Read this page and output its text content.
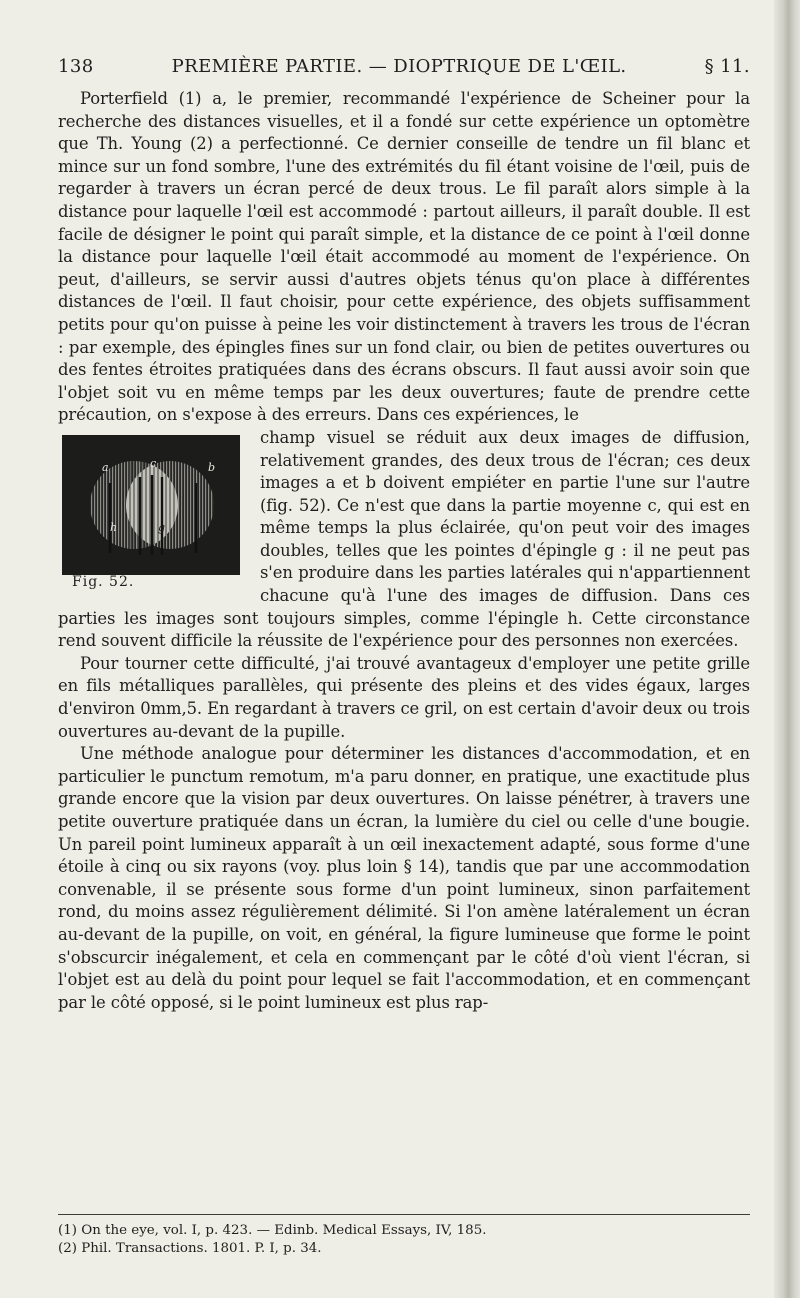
138	PREMIÈRE PARTIE. — DIOPTRIQUE DE L'ŒIL.	§ 11.

Porterfield (1) a, le premier, recommandé l'expérience de Scheiner pour la recherche des distances visuelles, et il a fondé sur cette expérience un optomètre que Th. Young (2) a perfectionné. Ce dernier conseille de tendre un fil blanc et mince sur un fond sombre, l'une des extrémités du fil étant voisine de l'œil, puis de regarder à travers un écran percé de deux trous. Le fil paraît alors simple à la distance pour laquelle l'œil est accommodé : partout ailleurs, il paraît double. Il est facile de désigner le point qui paraît simple, et la distance de ce point à l'œil donne la distance pour laquelle l'œil était accommodé au moment de l'expérience. On peut, d'ailleurs, se servir aussi d'autres objets ténus qu'on place à différentes distances de l'œil. Il faut choisir, pour cette expérience, des objets suffisamment petits pour qu'on puisse à peine les voir distinctement à travers les trous de l'écran : par exemple, des épingles fines sur un fond clair, ou bien de petites ouvertures ou des fentes étroites pratiquées dans des écrans obscurs. Il faut aussi avoir soin que l'objet soit vu en même temps par les deux ouvertures; faute de prendre cette précaution, on s'expose à des erreurs. Dans ces expériences, le

a	c	b
h	g
Fig. 52.

champ visuel se réduit aux deux images de diffusion, relativement grandes, des deux trous de l'écran; ces deux images a et b doivent empiéter en partie l'une sur l'autre (fig. 52). Ce n'est que dans la partie moyenne c, qui est en même temps la plus éclairée, qu'on peut voir des images doubles, telles que les pointes d'épingle g : il ne peut pas s'en produire dans les parties latérales qui n'appartiennent chacune qu'à l'une des images de diffusion. Dans ces parties les images sont toujours simples, comme l'épingle h. Cette circonstance rend souvent difficile la réussite de l'expérience pour des personnes non exercées.

Pour tourner cette difficulté, j'ai trouvé avantageux d'employer une petite grille en fils métalliques parallèles, qui présente des pleins et des vides égaux, larges d'environ 0mm,5. En regardant à travers ce gril, on est certain d'avoir deux ou trois ouvertures au-devant de la pupille.

Une méthode analogue pour déterminer les distances d'accommodation, et en particulier le punctum remotum, m'a paru donner, en pratique, une exactitude plus grande encore que la vision par deux ouvertures. On laisse pénétrer, à travers une petite ouverture pratiquée dans un écran, la lumière du ciel ou celle d'une bougie. Un pareil point lumineux apparaît à un œil inexactement adapté, sous forme d'une étoile à cinq ou six rayons (voy. plus loin § 14), tandis que par une accommodation convenable, il se présente sous forme d'un point lumineux, sinon parfaitement rond, du moins assez régulièrement délimité. Si l'on amène latéralement un écran au-devant de la pupille, on voit, en général, la figure lumineuse que forme le point s'obscurcir inégalement, et cela en commençant par le côté d'où vient l'écran, si l'objet est au delà du point pour lequel se fait l'accommodation, et en commençant par le côté opposé, si le point lumineux est plus rap-

(1) On the eye, vol. I, p. 423. — Edinb. Medical Essays, IV, 185.
(2) Phil. Transactions. 1801. P. I, p. 34.
